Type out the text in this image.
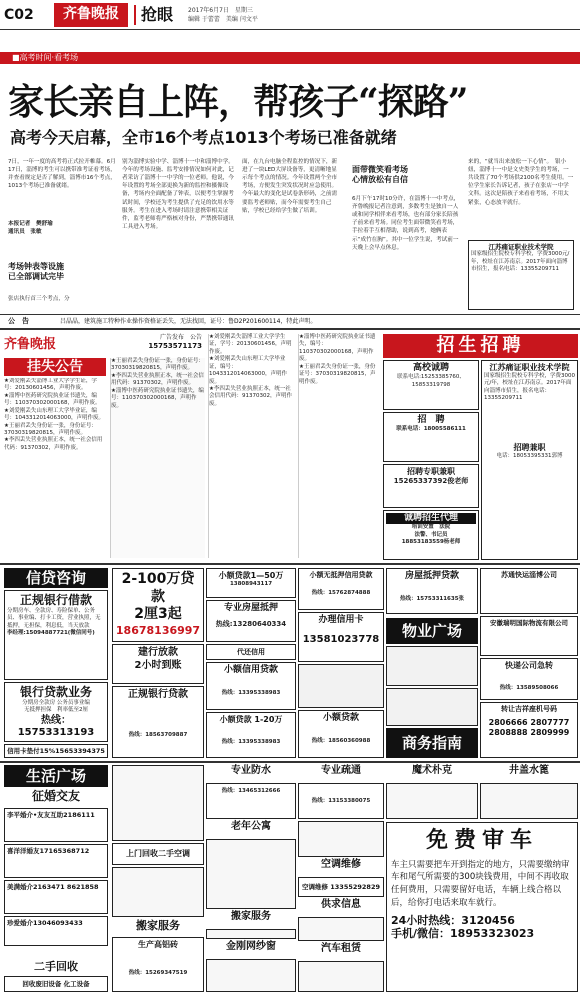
C02	齐鲁晚报	抢眼 2017年6月7日　星期三
编辑 于蕾蕾　美编 闫文平
■高考时间·看考场
家长亲自上阵，帮孩子“探路”
高考今天启幕，全市16个考点1013个考场已准备就绪
7日，一年一度的高考将正式拉开帷幕。6月17日，淄博的考生可以携带准考证看考场，并查看规定是否了解到，淄博市16个考点，1013个考场已准备就绪。
本报记者　樊舒瑜
通讯员　张敏
考场钟表等设施
已全部调试完毕
张店执行首三个考点，分
别为淄博实验中学、淄博十一中和淄博中学。今年的考场设施、监考安排情况如何对此，记者采访了淄博十一中学的一位老师。他说，今年设置的考场全部更换为新的监控和摄像设备，考场内全面配备了钟表，以便考生掌握考试时间，学校还为考生提供了充足的饮用水等服务。考生在进入考场时请注意携带相关证件，监考老师将严格核对身份，严禁携带通讯工具进入考场。
面，在九台电脑全程监控的情况下，新进了一块LED大屏设备等，更清晰地显示每个考点的情况。今年设置两个全市考场，方便发生突发状况时应急使用。今年最大的变化是试卷条形码，之前需要监考老师贴，而今年需要考生自己贴，学校已经给学生做了培训。
面带微笑看考场
心情放松有自信
6月下午17时10分许，在淄博十一中考点，齐鲁晚报记者注意到，多数考生是独自一人或和同学相伴来看考场，也有部分家长陪孩子前来看考场。同位考生面带微笑看考场，手拉着手互相帮助，说到高考，她俩表示“成竹在胸”。其中一位学生说，考试前一天晚上会早点休息。
来的，“就当出来放松一下心情”。　银小妞，淄博十一中是文史类学生的考场，一共设置了70个考场供2100名考生使用。一位学生家长告诉记者，孩子在张店一中学文科。这次是陪孩子来看看考场，不用太紧张，心态放平就行。
江苏痛证职业技术学院
国家级招生院校专科学校，学费3000元/年，校址在江苏南京。2017年面向淄博市招生，报名电话：13355209711
公　告	吕晶晶，建筑施工特种作业操作资格证丢失，无法找回，证号：鲁D2P201600114，特此声明。
齐鲁晚报	广告发布　公告
15753571173
挂失公告
★刘爱刚丢失淄博工业大学学生证，学号：20130601456，声明作废。
★淄博中医药研究院执业证书遗失，编号：110370302000168，声明作废。
★刘爱刚丢失山东理工大学毕业证，编号：1043312014063000，声明作废。
★王丽君丢失身份证一张，身份证号：37030319820815，声明作废。
★李四丢失营业执照正本，统一社会信用代码：91370302，声明作废。
★王丽君丢失身份证一张，身份证号：37030319820815，声明作废。
★李四丢失营业执照正本，统一社会信用代码：91370302，声明作废。
★淄博中医药研究院执业证书遗失，编号：110370302000168，声明作废。
★刘爱刚丢失淄博工业大学学生证，学号：20130601456，声明作废。
★刘爱刚丢失山东理工大学毕业证，编号：1043312014063000，声明作废。
★李四丢失营业执照正本，统一社会信用代码：91370302，声明作废。
★淄博中医药研究院执业证书遗失，编号：110370302000168，声明作废。
★王丽君丢失身份证一张，身份证号：37030319820815，声明作废。
招生招聘
高校诚聘
联系电话:15253385760、15853319798
招　聘
联系电话：18005586111
招聘专职兼职
15265337392俊老师
诚聘招生代理
培训安置　法院
法警、书记员
18853183559杨老师
江苏痛证职业技术学院
国家级招生院校专科学校，学费3000元/年，校址在江苏南京。2017年面向淄博市招生，报名电话：13355209711
招聘兼职
电话：18053395331郭博
信贷咨询
正规银行借款
分期房车、全款房、寿险保单、公务员、事业编、打卡工资，营业执照，无抵押，无担保，利息低，当天放款
李经理:15094887721(微信同号)
银行贷款业务
分期房全款房 公务员事业编
无抵押担保　利率低至2厘
热线：15753313193
信用卡垫付15%15653394375
2-100万贷款
2厘3起
18678136997
建行放款
2小时到账
正规银行贷款
热线：18563709887
小额贷款1—50万
13808943117
专业房屋抵押
热线:13280640334
代还信用
小额信用贷款
热线：13395338983
小额贷款 1-20万
热线：13395338983
小额无抵押信用贷款
热线：15762874888
办理信用卡
13581023778
小额贷款
热线：18560360988
房屋抵押贷款
热线：15753311635张
苏通快运淄博公司
物业广场	安徽瑞明国际物流有限公司
快递公司急转
热线：13589508066
转让吉祥座机号码
2806666 2807777
2808888 2809999
商务指南
生活广场
征婚交友
李平婚介•友友互助2186111
喜洋洋婚友17165368712
美满婚介2163471 8621858
珍爱婚介13046093433
二手回收
回收废旧设备 化工设备
上门回收二手空调
搬家服务
生产高铝砖
热线：15269347519
专业防水
热线：13465312666
老年公寓
搬家服务
金刚网纱窗
专业疏通
热线：13153380075
空调维修
空调维修 13355292829
供求信息
汽车租赁
魔术朴克	井盖水篦
免费审车
车主只需要把车开到指定的地方，只需要缴纳审车和尾气所需要的300块钱费用，中间不再收取任何费用，只需要留好电话，车辆上线合格以后，给你打电话来取车就行。
24小时热线：3120456
手机/微信：18953323023
